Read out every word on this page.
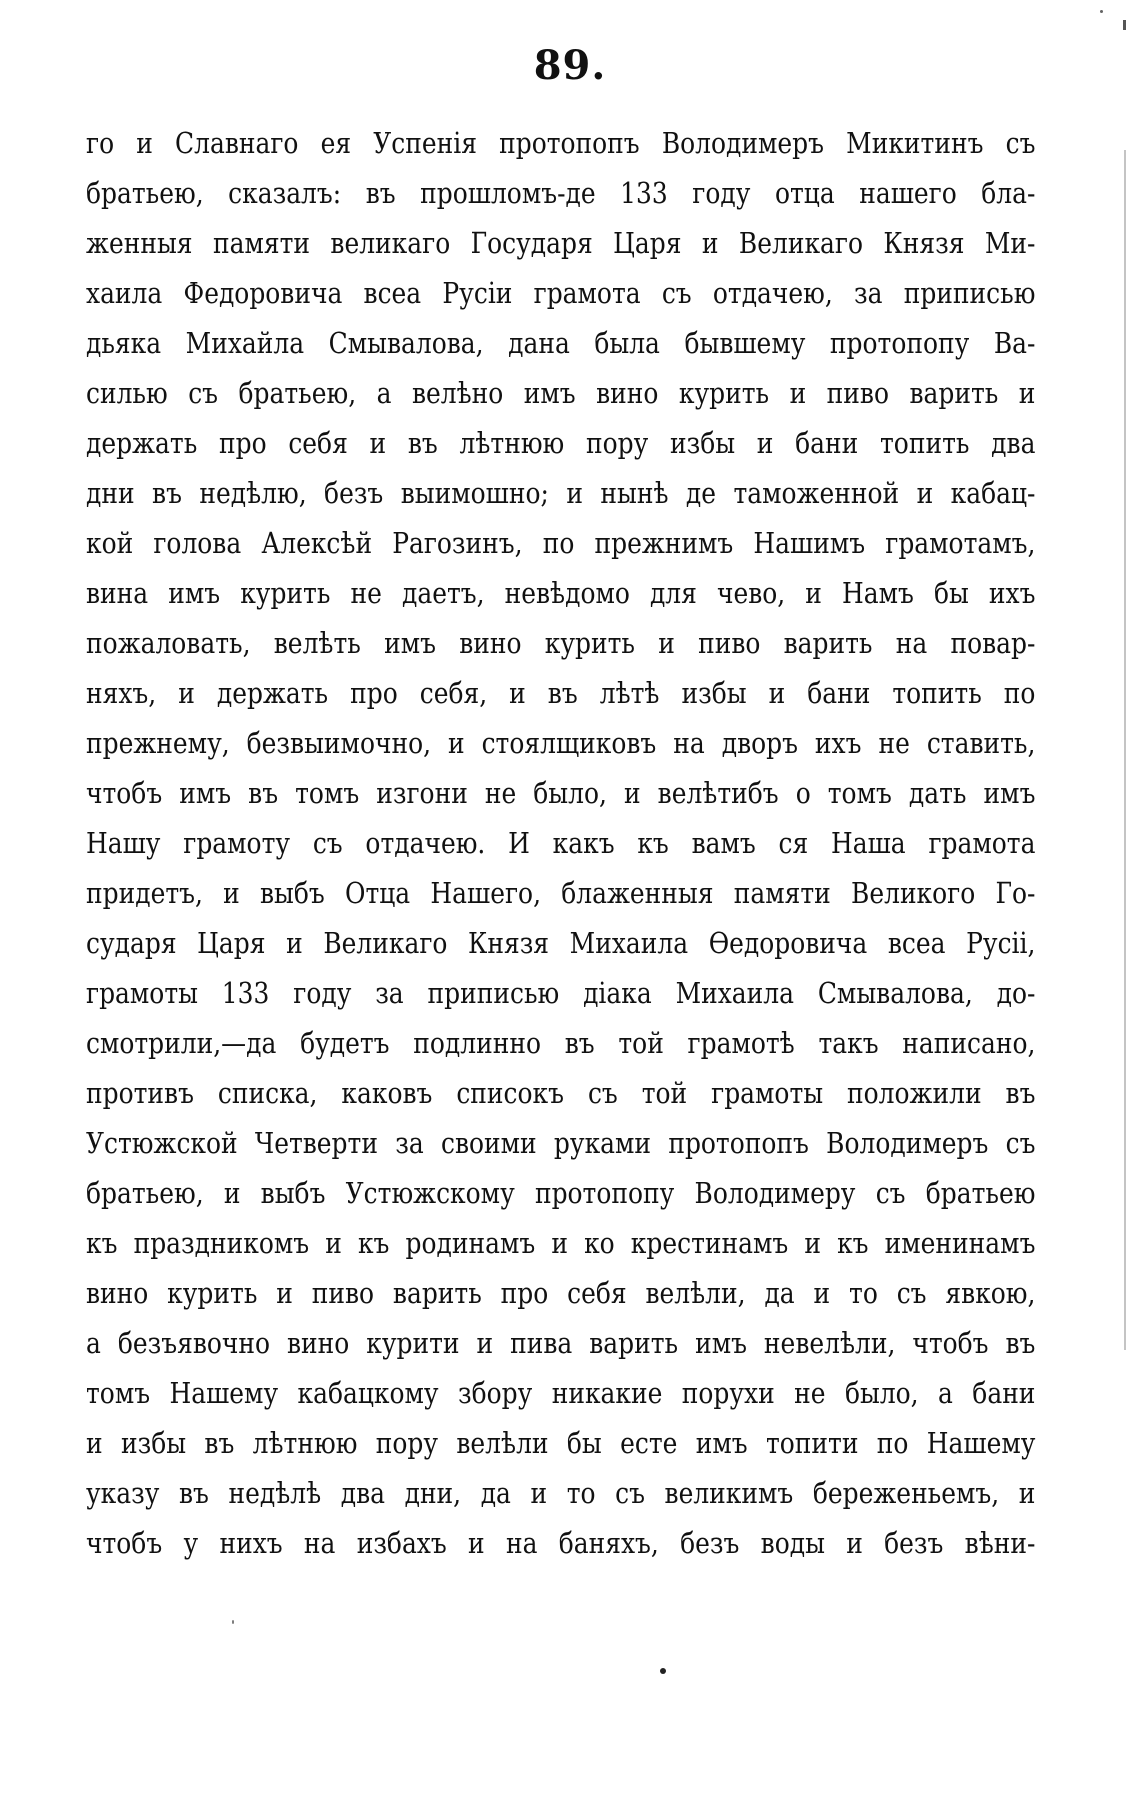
89.
го и Славнаго ея Успенія протопопъ Володимеръ Микитинъ съ
братьею, сказалъ: въ прошломъ-де 133 году отца нашего бла-
женныя памяти великаго Государя Царя и Великаго Князя Ми-
хаила Федоровича всеа Русіи грамота съ отдачею, за приписью
дьяка Михайла Смывалова, дана была бывшему протопопу Ва-
силью съ братьею, а велѣно имъ вино курить и пиво варить и
держать про себя и въ лѣтнюю пору избы и бани топить два
дни въ недѣлю, безъ выимошно; и нынѣ де таможенной и кабац-
кой голова Алексѣй Рагозинъ, по прежнимъ Нашимъ грамотамъ,
вина имъ курить не даетъ, невѣдомо для чево, и Намъ бы ихъ
пожаловать, велѣть имъ вино курить и пиво варить на повар-
няхъ, и держать про себя, и въ лѣтѣ избы и бани топить по
прежнему, безвыимочно, и стоялщиковъ на дворъ ихъ не ставить,
чтобъ имъ въ томъ изгони не было, и велѣтибъ о томъ дать имъ
Нашу грамоту съ отдачею. И какъ къ вамъ ся Наша грамота
придетъ, и выбъ Отца Нашего, блаженныя памяти Великого Го-
сударя Царя и Великаго Князя Михаила Ѳедоровича всеа Русіі,
грамоты 133 году за приписью діака Михаила Смывалова, до-
смотрили,—да будетъ подлинно въ той грамотѣ такъ написано,
противъ списка, каковъ списокъ съ той грамоты положили въ
Устюжской Четверти за своими руками протопопъ Володимеръ съ
братьею, и выбъ Устюжскому протопопу Володимеру съ братьею
къ праздникомъ и къ родинамъ и ко крестинамъ и къ именинамъ
вино курить и пиво варить про себя велѣли, да и то съ явкою,
а безъявочно вино курити и пива варить имъ невелѣли, чтобъ въ
томъ Нашему кабацкому збору никакие порухи не было, а бани
и избы въ лѣтнюю пору велѣли бы есте имъ топити по Нашему
указу въ недѣлѣ два дни, да и то съ великимъ береженьемъ, и
чтобъ у нихъ на избахъ и на баняхъ, безъ воды и безъ вѣни-
